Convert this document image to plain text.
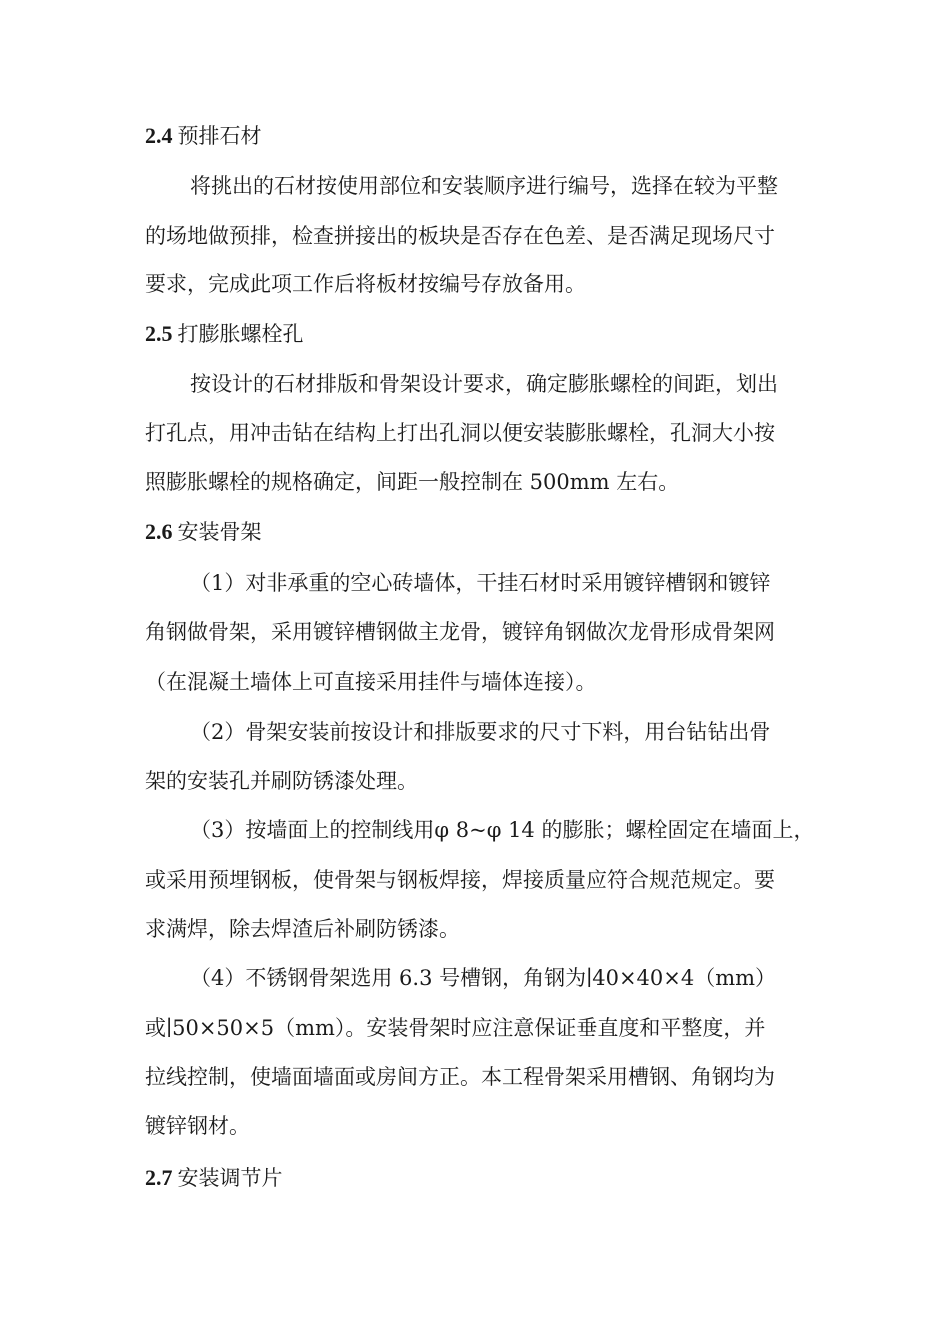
2.4 预排石材
将挑出的石材按使用部位和安装顺序进行编号，选择在较为平整
的场地做预排，检查拼接出的板块是否存在色差、是否满足现场尺寸
要求，完成此项工作后将板材按编号存放备用。
2.5 打膨胀螺栓孔
按设计的石材排版和骨架设计要求，确定膨胀螺栓的间距，划出
打孔点，用冲击钻在结构上打出孔洞以便安装膨胀螺栓，孔洞大小按
照膨胀螺栓的规格确定，间距一般控制在 500mm 左右。
2.6 安装骨架
（1）对非承重的空心砖墙体，干挂石材时采用镀锌槽钢和镀锌
角钢做骨架，采用镀锌槽钢做主龙骨，镀锌角钢做次龙骨形成骨架网
（在混凝土墙体上可直接采用挂件与墙体连接）。
（2）骨架安装前按设计和排版要求的尺寸下料，用台钻钻出骨
架的安装孔并刷防锈漆处理。
（3）按墙面上的控制线用φ 8~φ 14 的膨胀；螺栓固定在墙面上，
或采用预埋钢板，使骨架与钢板焊接，焊接质量应符合规范规定。要
求满焊，除去焊渣后补刷防锈漆。
（4）不锈钢骨架选用 6.3 号槽钢，角钢为∣40×40×4（mm）
或∣50×50×5（mm）。安装骨架时应注意保证垂直度和平整度，并
拉线控制，使墙面墙面或房间方正。本工程骨架采用槽钢、角钢均为
镀锌钢材。
2.7 安装调节片
